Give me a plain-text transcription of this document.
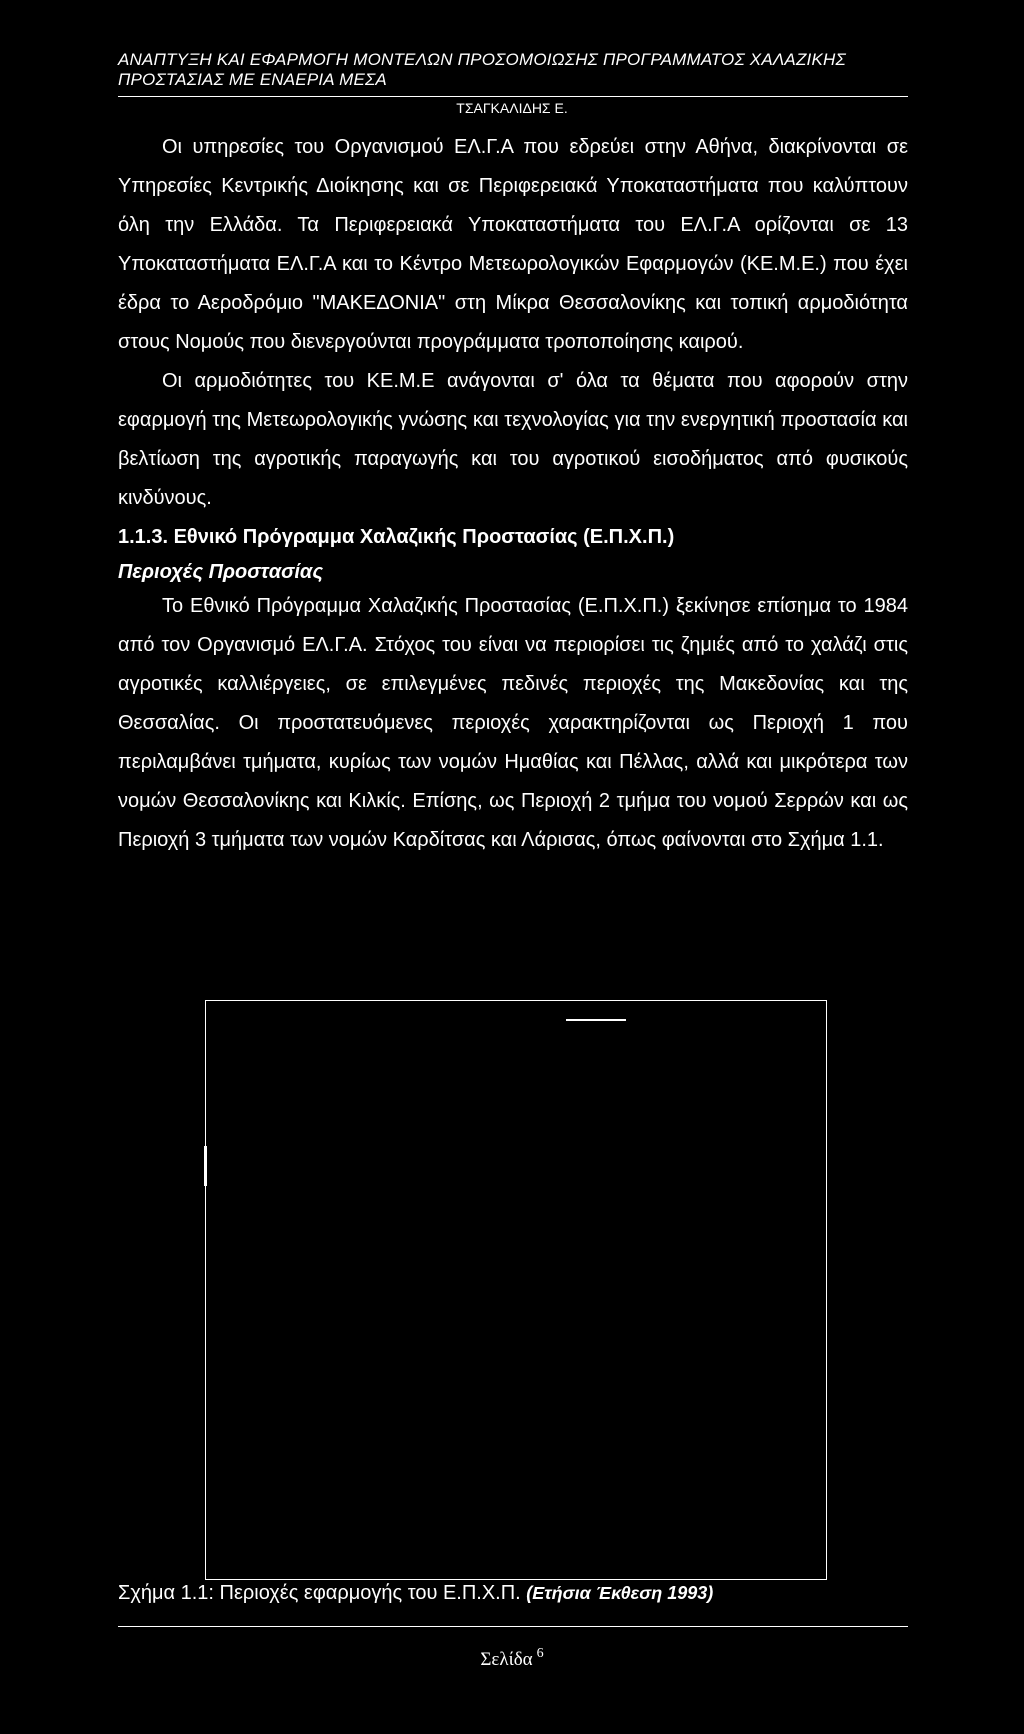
ΑΝΑΠΤΥΞΗ ΚΑΙ ΕΦΑΡΜΟΓΗ ΜΟΝΤΕΛΩΝ ΠΡΟΣΟΜΟΙΩΣΗΣ ΠΡΟΓΡΑΜΜΑΤΟΣ ΧΑΛΑΖΙΚΗΣ ΠΡΟΣΤΑΣΙΑΣ ΜΕ ΕΝΑΕΡΙΑ ΜΕΣΑ
ΤΣΑΓΚΑΛΙΔΗΣ Ε.

Οι υπηρεσίες του Οργανισμού ΕΛ.Γ.Α που εδρεύει στην Αθήνα, διακρίνονται σε Υπηρεσίες Κεντρικής Διοίκησης και σε Περιφερειακά Υποκαταστήματα που καλύπτουν όλη την Ελλάδα. Τα Περιφερειακά Υποκαταστήματα του ΕΛ.Γ.Α ορίζονται σε 13 Υποκαταστήματα ΕΛ.Γ.Α και το Κέντρο Μετεωρολογικών Εφαρμογών (ΚΕ.Μ.Ε.) που έχει έδρα το Αεροδρόμιο "ΜΑΚΕΔΟΝΙΑ" στη Μίκρα Θεσσαλονίκης και τοπική αρμοδιότητα στους Νομούς που διενεργούνται προγράμματα τροποποίησης καιρού.

Οι αρμοδιότητες του ΚΕ.Μ.Ε ανάγονται σ' όλα τα θέματα που αφορούν στην εφαρμογή της Μετεωρολογικής γνώσης και τεχνολογίας για την ενεργητική προστασία και βελτίωση της αγροτικής παραγωγής και του αγροτικού εισοδήματος από φυσικούς κινδύνους.

1.1.3. Εθνικό Πρόγραμμα Χαλαζικής Προστασίας (Ε.Π.Χ.Π.)

Περιοχές Προστασίας

Το Εθνικό Πρόγραμμα Χαλαζικής Προστασίας (Ε.Π.Χ.Π.) ξεκίνησε επίσημα το 1984 από τον Οργανισμό ΕΛ.Γ.Α. Στόχος του είναι να περιορίσει τις ζημιές από το χαλάζι στις αγροτικές καλλιέργειες, σε επιλεγμένες πεδινές περιοχές της Μακεδονίας και της Θεσσαλίας. Οι προστατευόμενες περιοχές χαρακτηρίζονται ως Περιοχή 1 που περιλαμβάνει τμήματα, κυρίως των νομών Ημαθίας και Πέλλας, αλλά και μικρότερα των νομών Θεσσαλονίκης και Κιλκίς. Επίσης, ως Περιοχή 2 τμήμα του νομού Σερρών και ως Περιοχή 3 τμήματα των νομών Καρδίτσας και Λάρισας, όπως φαίνονται στο Σχήμα 1.1.

Σχήμα 1.1: Περιοχές εφαρμογής του Ε.Π.Χ.Π. (Ετήσια Έκθεση 1993)
Σελίδα $^6$
